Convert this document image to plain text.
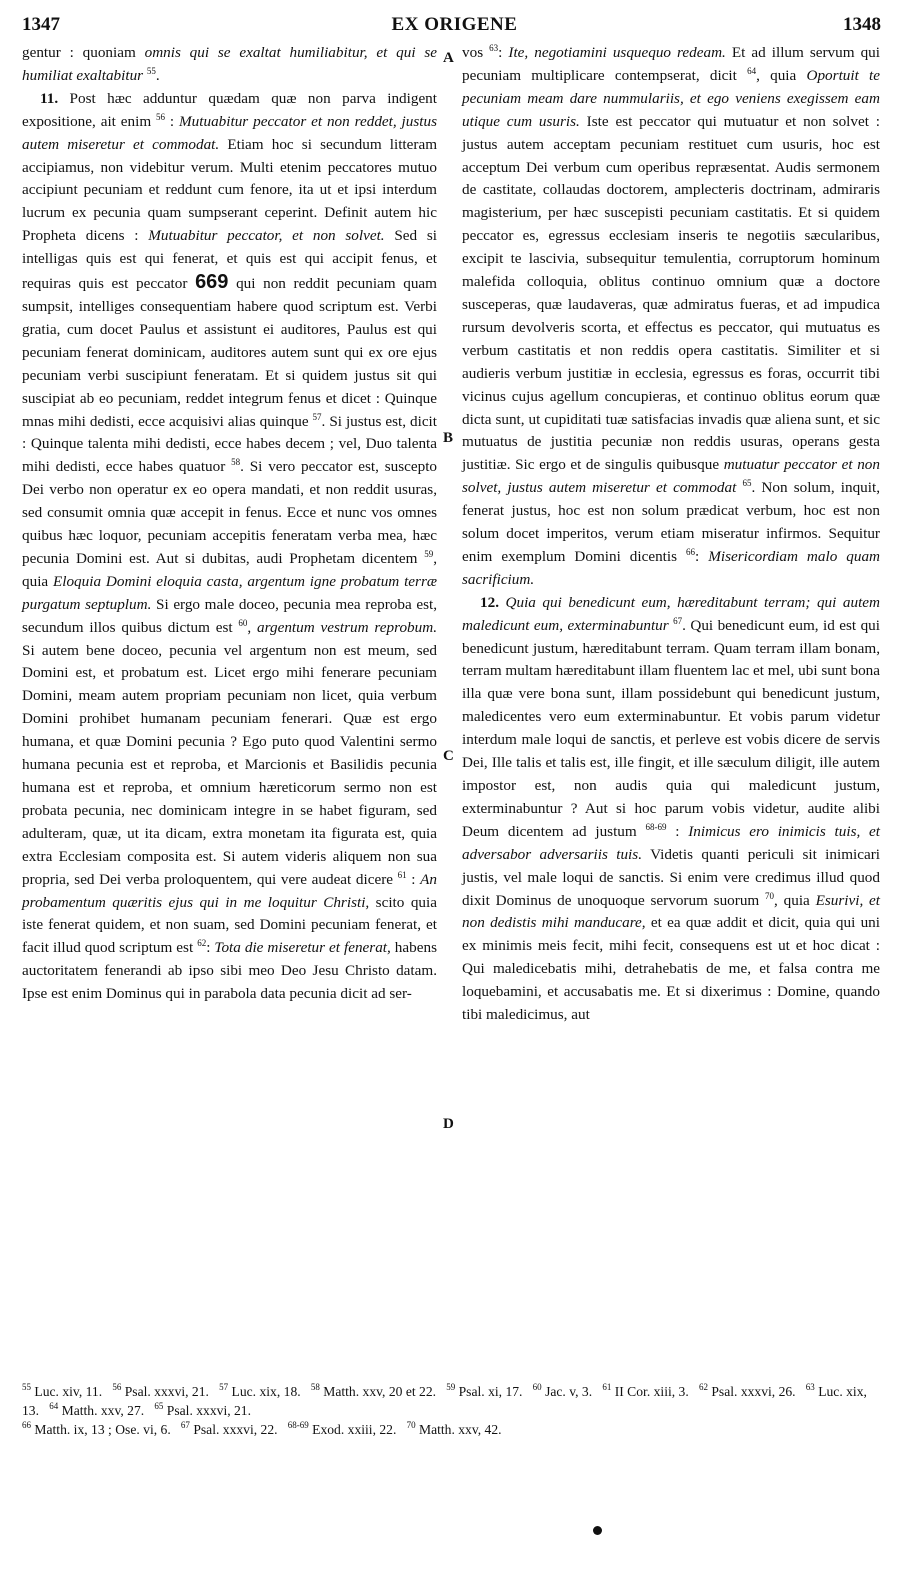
1347	EX ORIGENE	1348

gentur : quoniam omnis qui se exaltat humiliabitur, et qui se humiliat exaltabitur $^{55}$.

11. Post hæc adduntur quædam quæ non parva indigent expositione, ait enim $^{56}$ : Mutuabitur peccator et non reddet, justus autem miseretur et commodat. Etiam hoc si secundum litteram accipiamus, non videbitur verum. Multi etenim peccatores mutuo accipiunt pecuniam et reddunt cum fenore, ita ut et ipsi interdum lucrum ex pecunia quam sumpserant ceperint. Definit autem hic Propheta dicens : Mutuabitur peccator, et non solvet. Sed si intelligas quis est qui fenerat, et quis est qui accipit fenus, et requiras quis est peccator 669 qui non reddit pecuniam quam sumpsit, intelliges consequentiam habere quod scriptum est. Verbi gratia, cum docet Paulus et assistunt ei auditores, Paulus est qui pecuniam fenerat dominicam, auditores autem sunt qui ex ore ejus pecuniam verbi suscipiunt feneratam. Et si quidem justus sit qui suscipiat ab eo pecuniam, reddet integrum fenus et dicet : Quinque mnas mihi dedisti, ecce acquisivi alias quinque $^{57}$. Si justus est, dicit : Quinque talenta mihi dedisti, ecce habes decem ; vel, Duo talenta mihi dedisti, ecce habes quatuor $^{58}$. Si vero peccator est, suscepto Dei verbo non operatur ex eo opera mandati, et non reddit usuras, sed consumit omnia quæ accepit in fenus. Ecce et nunc vos omnes quibus hæc loquor, pecuniam accepitis feneratam verba mea, hæc pecunia Domini est. Aut si dubitas, audi Prophetam dicentem $^{59}$, quia Eloquia Domini eloquia casta, argentum igne probatum terræ purgatum septuplum. Si ergo male doceo, pecunia mea reproba est, secundum illos quibus dictum est $^{60}$, argentum vestrum reprobum. Si autem bene doceo, pecunia vel argentum non est meum, sed Domini est, et probatum est. Licet ergo mihi fenerare pecuniam Domini, meam autem propriam pecuniam non licet, quia verbum Domini prohibet humanam pecuniam fenerari. Quæ est ergo humana, et quæ Domini pecunia ? Ego puto quod Valentini sermo humana pecunia est et reproba, et Marcionis et Basilidis pecunia humana est et reproba, et omnium hæreticorum sermo non est probata pecunia, nec dominicam integre in se habet figuram, sed adulteram, quæ, ut ita dicam, extra monetam ita figurata est, quia extra Ecclesiam composita est. Si autem videris aliquem non sua propria, sed Dei verba proloquentem, qui vere audeat dicere $^{61}$ : An probamentum quæritis ejus qui in me loquitur Christi, scito quia iste fenerat quidem, et non suam, sed Domini pecuniam fenerat, et facit illud quod scriptum est $^{62}$: Tota die miseretur et fenerat, habens auctoritatem fenerandi ab ipso sibi meo Deo Jesu Christo datam. Ipse est enim Dominus qui in parabola data pecunia dicit ad ser-

A
B
C
D

vos $^{63}$: Ite, negotiamini usquequo redeam. Et ad illum servum qui pecuniam multiplicare contempserat, dicit $^{64}$, quia Oportuit te pecuniam meam dare nummulariis, et ego veniens exegissem eam utique cum usuris. Iste est peccator qui mutuatur et non solvet : justus autem acceptam pecuniam restituet cum usuris, hoc est acceptum Dei verbum cum operibus repræsentat. Audis sermonem de castitate, collaudas doctorem, amplecteris doctrinam, admiraris magisterium, per hæc suscepisti pecuniam castitatis. Et si quidem peccator es, egressus ecclesiam inseris te negotiis sæcularibus, excipit te lascivia, subsequitur temulentia, corruptorum hominum malefida colloquia, oblitus continuo omnium quæ a doctore susceperas, quæ laudaveras, quæ admiratus fueras, et ad impudica rursum devolveris scorta, et effectus es peccator, qui mutuatus es verbum castitatis et non reddis opera castitatis. Similiter et si audieris verbum justitiæ in ecclesia, egressus es foras, occurrit tibi vicinus cujus agellum concupieras, et continuo oblitus eorum quæ dicta sunt, ut cupiditati tuæ satisfacias invadis quæ aliena sunt, et sic mutuatus de justitia pecuniæ non reddis usuras, operans gesta justitiæ. Sic ergo et de singulis quibusque mutuatur peccator et non solvet, justus autem miseretur et commodat $^{65}$. Non solum, inquit, fenerat justus, hoc est non solum prædicat verbum, hoc est non solum docet imperitos, verum etiam miseratur infirmos. Sequitur enim exemplum Domini dicentis $^{66}$: Misericordiam malo quam sacrificium.

12. Quia qui benedicunt eum, hæreditabunt terram; qui autem maledicunt eum, exterminabuntur $^{67}$. Qui benedicunt eum, id est qui benedicunt justum, hæreditabunt terram. Quam terram illam bonam, terram multam hæreditabunt illam fluentem lac et mel, ubi sunt bona illa quæ vere bona sunt, illam possidebunt qui benedicunt justum, maledicentes vero eum exterminabuntur. Et vobis parum videtur interdum male loqui de sanctis, et perleve est vobis dicere de servis Dei, Ille talis et talis est, ille fingit, et ille sæculum diligit, ille autem impostor est, non audis quia qui maledicunt justum, exterminabuntur ? Aut si hoc parum vobis videtur, audite alibi Deum dicentem ad justum $^{68-69}$ : Inimicus ero inimicis tuis, et adversabor adversariis tuis. Videtis quanti periculi sit inimicari justis, vel male loqui de sanctis. Si enim vere credimus illud quod dixit Dominus de unoquoque servorum suorum $^{70}$, quia Esurivi, et non dedistis mihi manducare, et ea quæ addit et dicit, quia qui uni ex minimis meis fecit, mihi fecit, consequens est ut et hoc dicat : Qui maledicebatis mihi, detrahebatis de me, et falsa contra me loquebamini, et accusabatis me. Et si dixerimus : Domine, quando tibi maledicimus, aut

$^{55}$ Luc. xiv, 11. $^{56}$ Psal. xxxvi, 21. $^{57}$ Luc. xix, 18. $^{58}$ Matth. xxv, 20 et 22. $^{59}$ Psal. xi, 17. $^{60}$ Jac. v, 3. $^{61}$ II Cor. xiii, 3. $^{62}$ Psal. xxxvi, 26. $^{63}$ Luc. xix, 13. $^{64}$ Matth. xxv, 27. $^{65}$ Psal. xxxvi, 21.
$^{66}$ Matth. ix, 13 ; Ose. vi, 6. $^{67}$ Psal. xxxvi, 22. $^{68-69}$ Exod. xxiii, 22. $^{70}$ Matth. xxv, 42.
